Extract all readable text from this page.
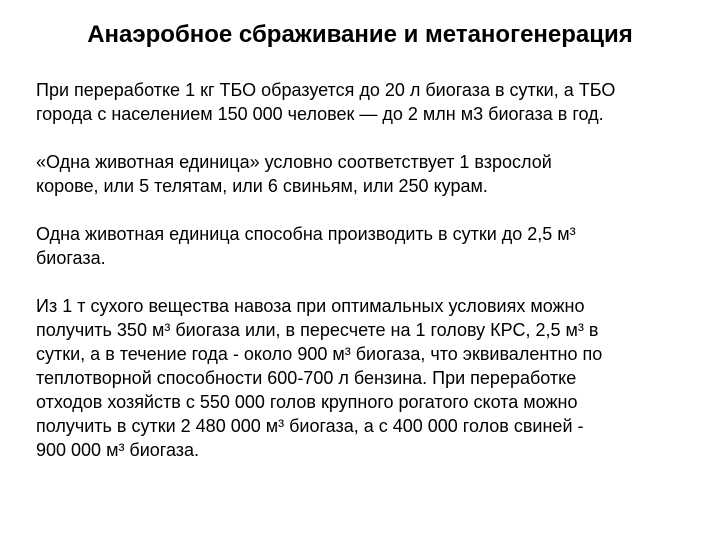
Анаэробное сбраживание и метаногенерация

При переработке 1 кг ТБО образуется до 20 л биогаза в сутки, а ТБО
города с населением 150 000 человек — до 2 млн м3 биогаза в год.

«Одна животная единица» условно соответствует 1 взрослой
корове, или 5 телятам, или 6 свиньям, или 250 курам.

Одна животная единица способна производить в сутки до 2,5 м³
биогаза.

Из 1 т сухого вещества навоза при оптимальных условиях можно
получить 350 м³ биогаза или, в пересчете на 1 голову КРС, 2,5 м³ в
сутки, а в течение года - около 900 м³ биогаза, что эквивалентно по
теплотворной способности 600-700 л бензина. При переработке
отходов хозяйств с 550 000 голов крупного рогатого скота можно
получить в сутки 2 480 000 м³ биогаза, а с 400 000 голов свиней -
900 000 м³ биогаза.
